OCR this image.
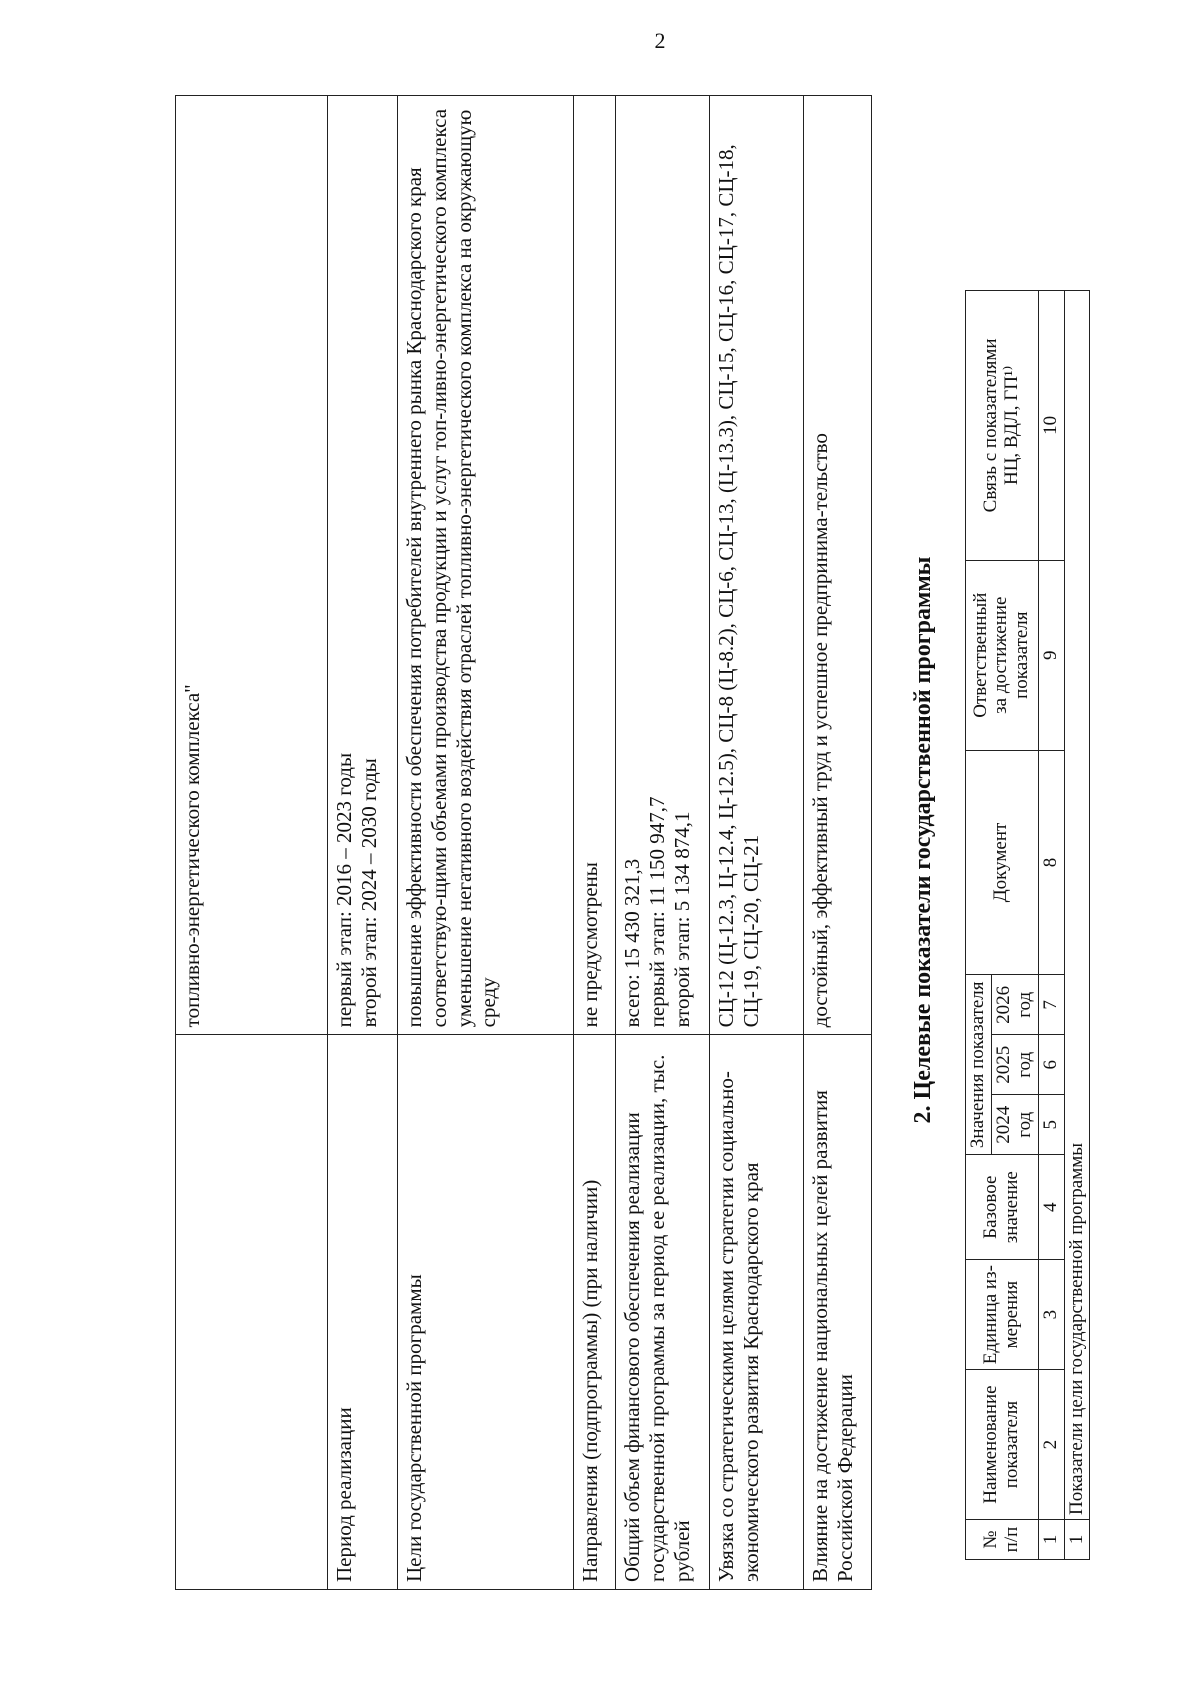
2

	топливно-энергетического комплекса"

Период реализации	первый этап: 2016 – 2023 годы второй этап: 2024 – 2030 годы

Цели государственной программы	повышение эффективности обеспечения потребителей внутреннего рынка Краснодарского края соответствую-щими объемами производства продукции и услуг топ-ливно-энергетического комплекса уменьшение негативного воздействия отраслей топливно-энергетического комплекса на окружающую среду

Направления (подпрограммы) (при наличии)	не предусмотрены

Общий объем финансового обеспечения реализации государственной программы за период ее реализации, тыс. рублей	всего: 15 430 321,3 первый этап: 11 150 947,7 второй этап: 5 134 874,1

Увязка со стратегическими целями стратегии социально-экономического развития Краснодарского края	СЦ-12 (Ц-12.3, Ц-12.4, Ц-12.5), СЦ-8 (Ц-8.2), СЦ-6, СЦ-13, (Ц-13.3), СЦ-15, СЦ-16, СЦ-17, СЦ-18, СЦ-19, СЦ-20, СЦ-21

Влияние на достижение национальных целей развития Российской Федерации	достойный, эффективный труд и успешное предпринима-тельство	2. Целевые показатели государственной программы
№ п/п	Наименование показателя	Единица из- мерения	Базовое значение	Значения показателя			Документ	Ответственный за достижение показателя	Связь с показателями НЦ, ВДЛ, ГП¹⁾

				2024 год	2025 год	2026 год			

1	2	3	4	5	6	7	8	9	10
1	Показатели цели государственной программы								
